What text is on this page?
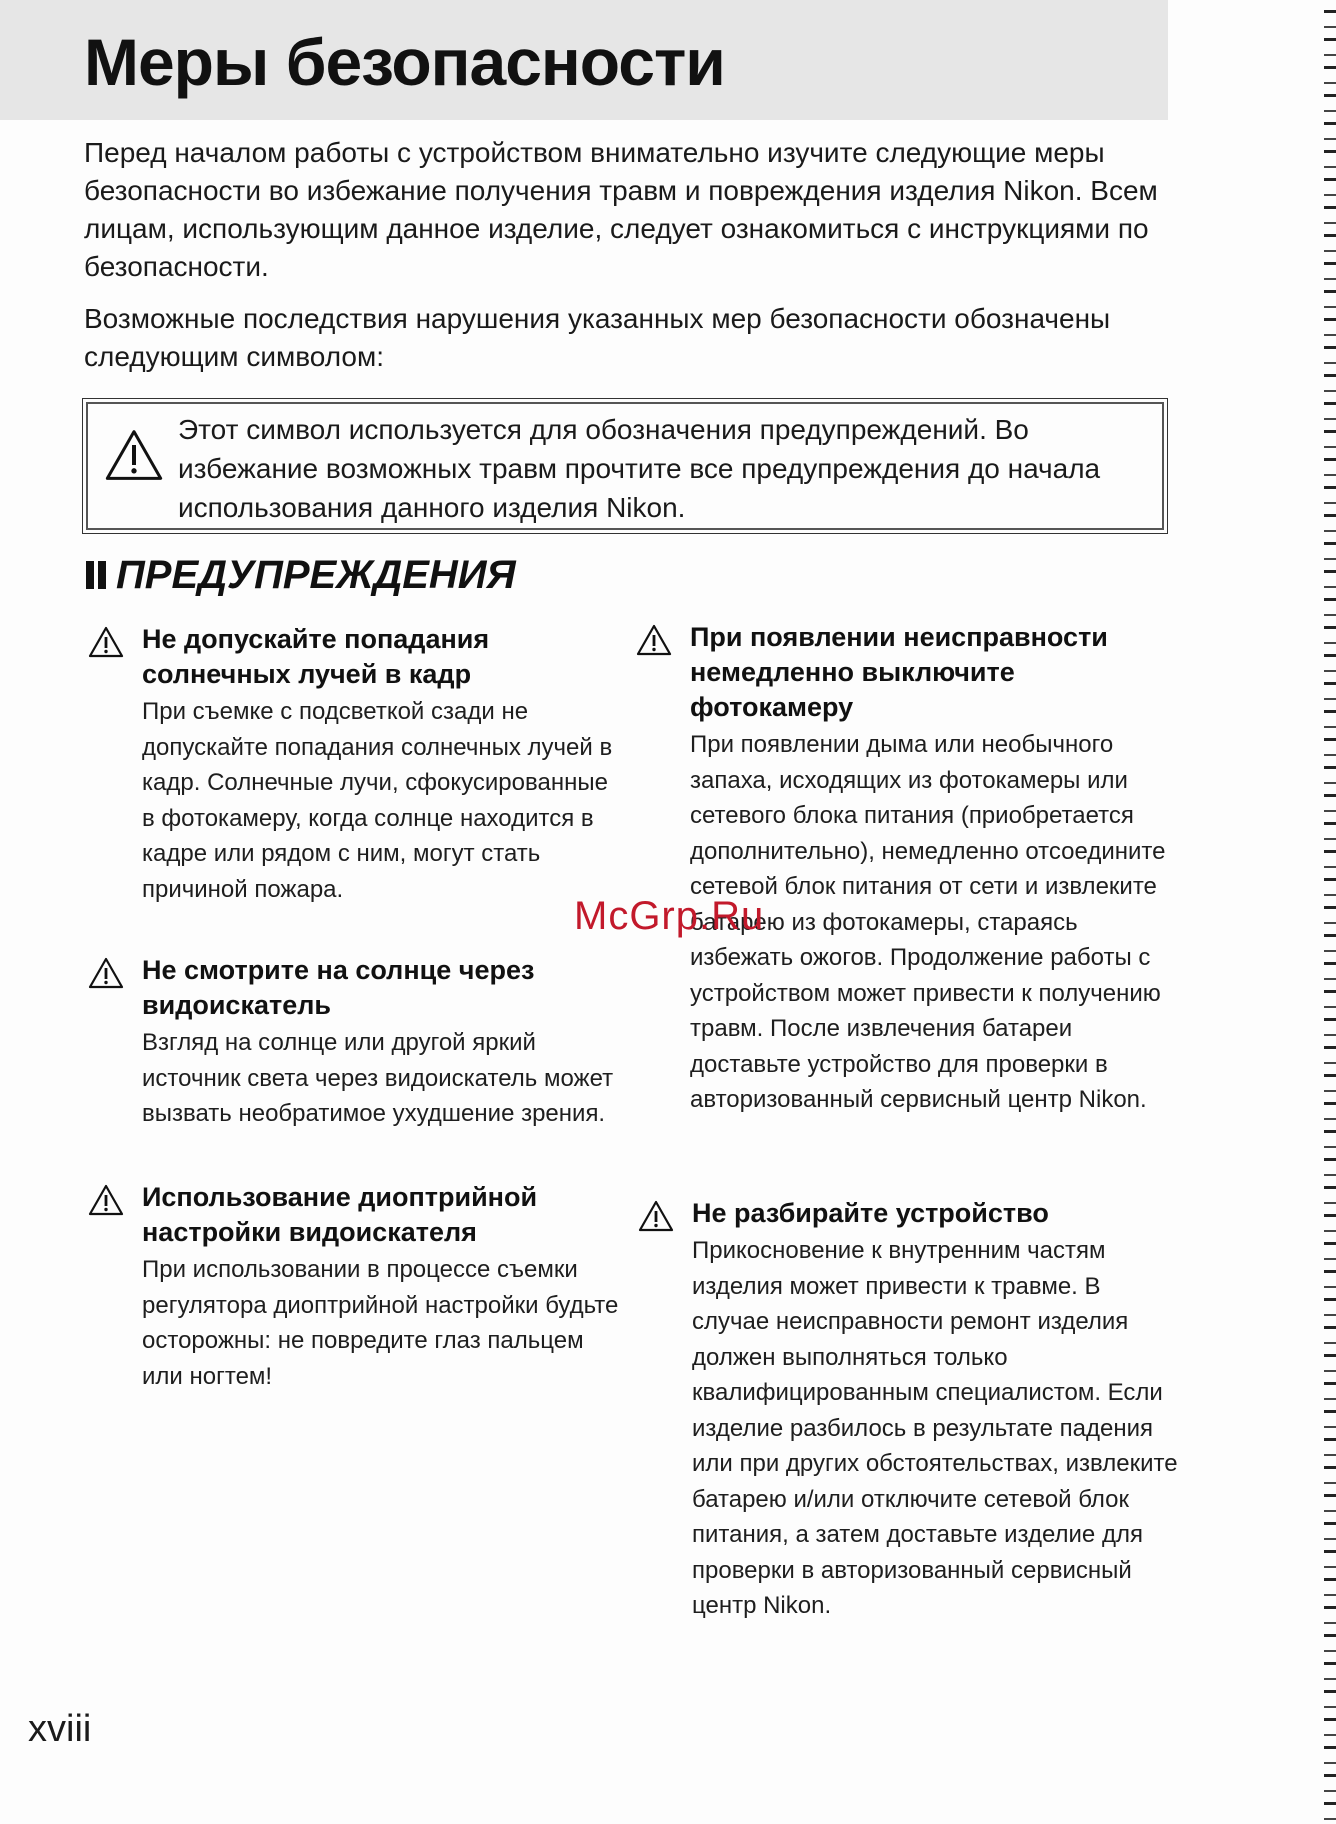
Меры безопасности

Перед началом работы с устройством внимательно изучите следующие меры безопасности во избежание получения травм и повреждения изделия Nikon. Всем лицам, использующим данное изделие, следует ознакомиться с инструкциями по безопасности.

Возможные последствия нарушения указанных мер безопасности обозначены следующим символом:

Этот символ используется для обозначения предупреждений. Во избежание возможных травм прочтите все предупреждения до начала использования данного изделия Nikon.
ПРЕДУПРЕЖДЕНИЯ
Не допускайте попадания солнечных лучей в кадр

При съемке с подсветкой сзади не допускайте попадания солнечных лучей в кадр. Солнечные лучи, сфокусированные в фотокамеру, когда солнце находится в кадре или рядом с ним, могут стать причиной пожара.

Не смотрите на солнце через видоискатель

Взгляд на солнце или другой яркий источник света через видоискатель может вызвать необратимое ухудшение зрения.

Использование диоптрийной настройки видоискателя

При использовании в процессе съемки регулятора диоптрийной настройки будьте осторожны: не повредите глаз пальцем или ногтем!

При появлении неисправности немедленно выключите фотокамеру

При появлении дыма или необычного запаха, исходящих из фотокамеры или сетевого блока питания (приобретается дополнительно), немедленно отсоедините сетевой блок питания от сети и извлеките батарею из фотокамеры, стараясь избежать ожогов. Продолжение работы с устройством может привести к получению травм. После извлечения батареи доставьте устройство для проверки в авторизованный сервисный центр Nikon.

Не разбирайте устройство

Прикосновение к внутренним частям изделия может привести к травме. В случае неисправности ремонт изделия должен выполняться только квалифицированным специалистом. Если изделие разбилось в результате падения или при других обстоятельствах, извлеките батарею и/или отключите сетевой блок питания, а затем доставьте изделие для проверки в авторизованный сервисный центр Nikon.

McGrp.Ru
xviii
